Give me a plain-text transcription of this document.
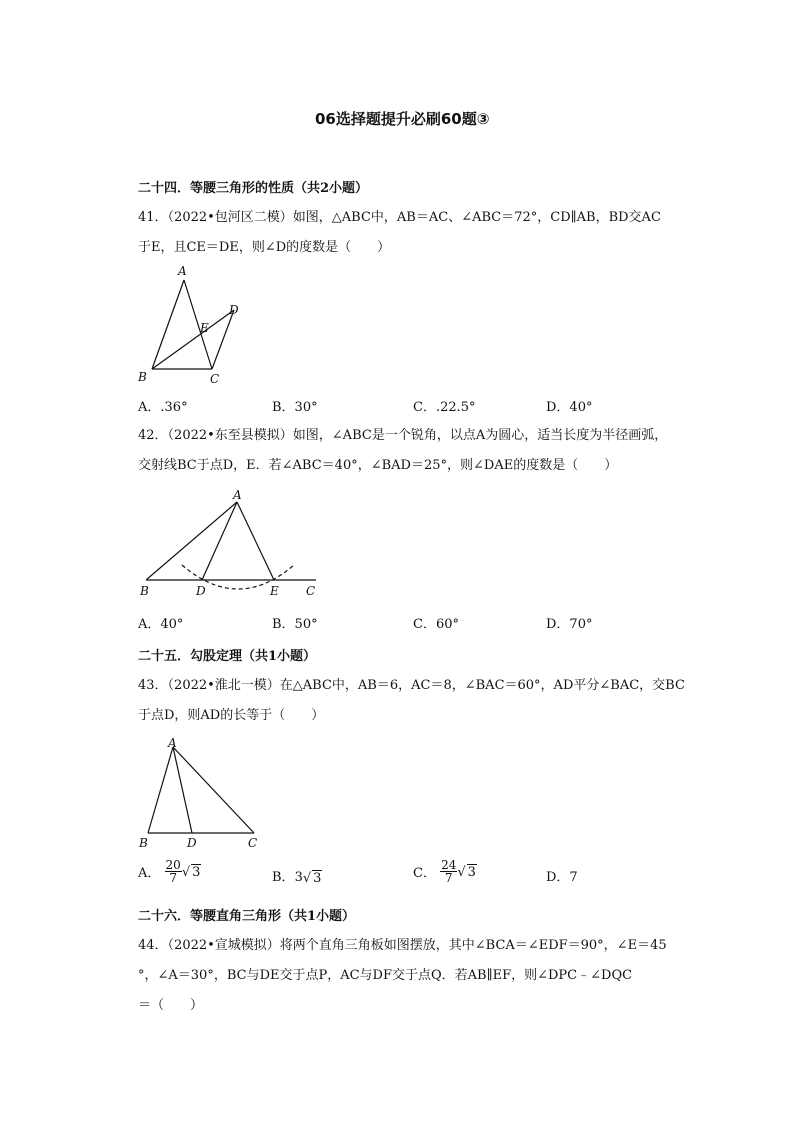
06选择题提升必刷60题③
二十四．等腰三角形的性质（共2小题）
41．（2022•包河区二模）如图，△ABC中，AB＝AC、∠ABC＝72°，CD∥AB，BD交AC
于E，且CE＝DE，则∠D的度数是（　　）
A
B	C
D
E
A．.36°	B．30°	C．.22.5°	D．40°
42．（2022•东至县模拟）如图，∠ABC是一个锐角，以点A为圆心，适当长度为半径画弧，
交射线BC于点D，E．若∠ABC＝40°，∠BAD＝25°，则∠DAE的度数是（　　）
A
B	D	E C
A．40°	B．50°	C．60°	D．70°
二十五．勾股定理（共1小题）
43．（2022•淮北一模）在△ABC中，AB＝6，AC＝8，∠BAC＝60°，AD平分∠BAC，交BC
于点D，则AD的长等于（　　）
A
B	D	C
A． $\frac{20}{7}$ √ 3	B．3√ 3	C． $\frac{24}{7}$ √ 3	D．7
二十六．等腰直角三角形（共1小题）
44．（2022•宣城模拟）将两个直角三角板如图摆放，其中∠BCA＝∠EDF＝90°，∠E＝45
°，∠A＝30°，BC与DE交于点P，AC与DF交于点Q．若AB∥EF，则∠DPC﹣∠DQC
＝（　　）
